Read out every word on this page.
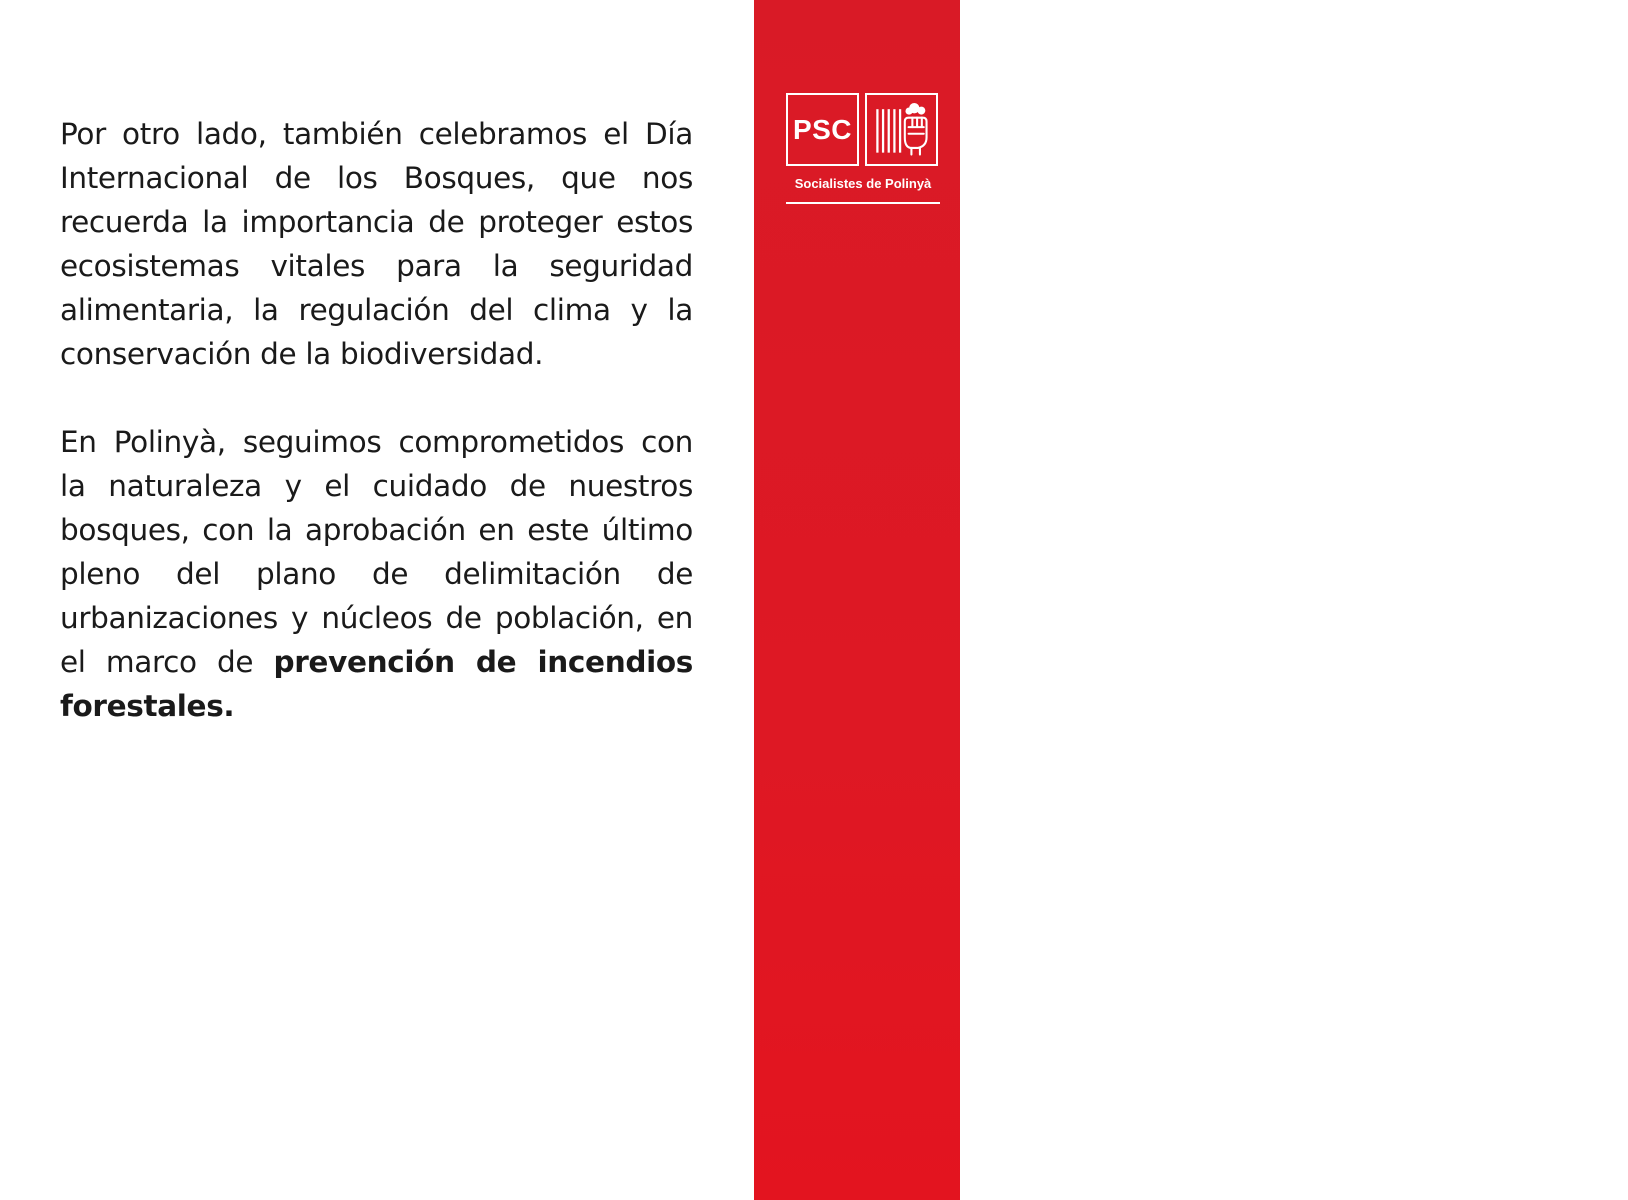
Por otro lado, también celebramos el Día Internacional de los Bosques, que nos recuerda la importancia de proteger estos ecosistemas vitales para la seguridad alimentaria, la regulación del clima y la conservación de la biodiversidad.

En Polinyà, seguimos comprometidos con la naturaleza y el cuidado de nuestros bosques, con la aprobación en este último pleno del plano de delimitación de urbanizaciones y núcleos de población, en el marco de prevención de incendios forestales.

PSC
Socialistes de Polinyà
BOLETÍN MUNICIPALABRIL 2025
